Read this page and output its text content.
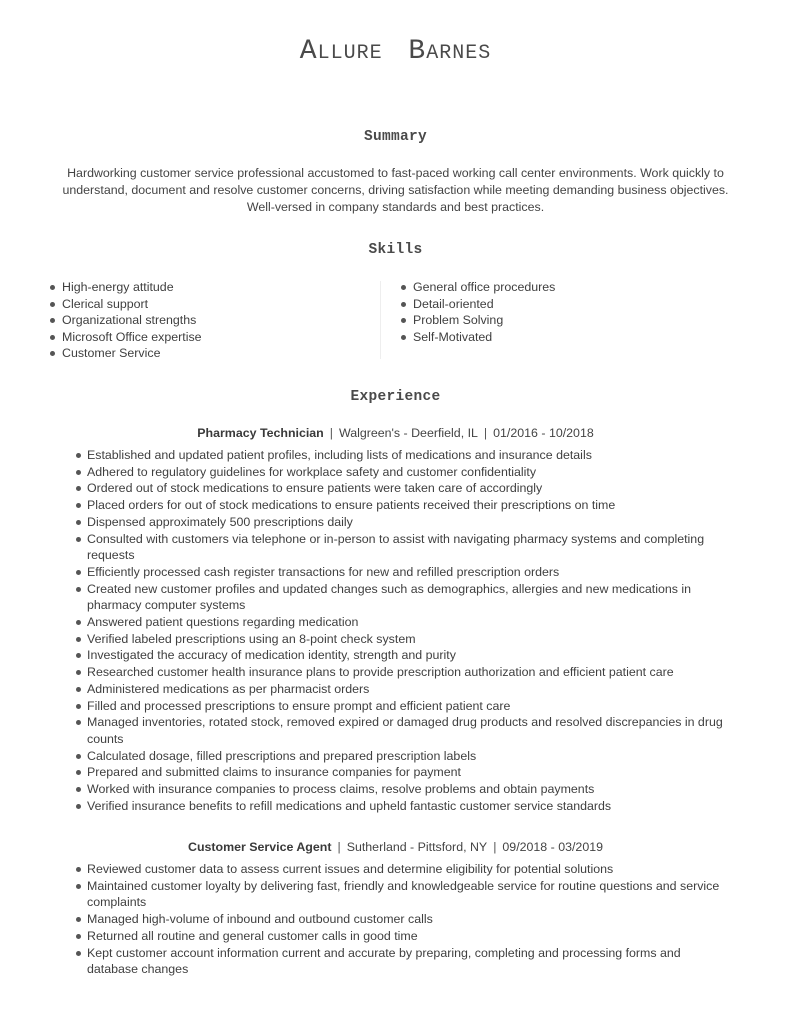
Allure Barnes
Summary
Hardworking customer service professional accustomed to fast-paced working call center environments. Work quickly to understand, document and resolve customer concerns, driving satisfaction while meeting demanding business objectives. Well-versed in company standards and best practices.
Skills
High-energy attitude
Clerical support
Organizational strengths
Microsoft Office expertise
Customer Service
General office procedures
Detail-oriented
Problem Solving
Self-Motivated
Experience
Pharmacy Technician | Walgreen's - Deerfield, IL | 01/2016 - 10/2018
Established and updated patient profiles, including lists of medications and insurance details
Adhered to regulatory guidelines for workplace safety and customer confidentiality
Ordered out of stock medications to ensure patients were taken care of accordingly
Placed orders for out of stock medications to ensure patients received their prescriptions on time
Dispensed approximately 500 prescriptions daily
Consulted with customers via telephone or in-person to assist with navigating pharmacy systems and completing requests
Efficiently processed cash register transactions for new and refilled prescription orders
Created new customer profiles and updated changes such as demographics, allergies and new medications in pharmacy computer systems
Answered patient questions regarding medication
Verified labeled prescriptions using an 8-point check system
Investigated the accuracy of medication identity, strength and purity
Researched customer health insurance plans to provide prescription authorization and efficient patient care
Administered medications as per pharmacist orders
Filled and processed prescriptions to ensure prompt and efficient patient care
Managed inventories, rotated stock, removed expired or damaged drug products and resolved discrepancies in drug counts
Calculated dosage, filled prescriptions and prepared prescription labels
Prepared and submitted claims to insurance companies for payment
Worked with insurance companies to process claims, resolve problems and obtain payments
Verified insurance benefits to refill medications and upheld fantastic customer service standards
Customer Service Agent | Sutherland - Pittsford, NY | 09/2018 - 03/2019
Reviewed customer data to assess current issues and determine eligibility for potential solutions
Maintained customer loyalty by delivering fast, friendly and knowledgeable service for routine questions and service complaints
Managed high-volume of inbound and outbound customer calls
Returned all routine and general customer calls in good time
Kept customer account information current and accurate by preparing, completing and processing forms and database changes
